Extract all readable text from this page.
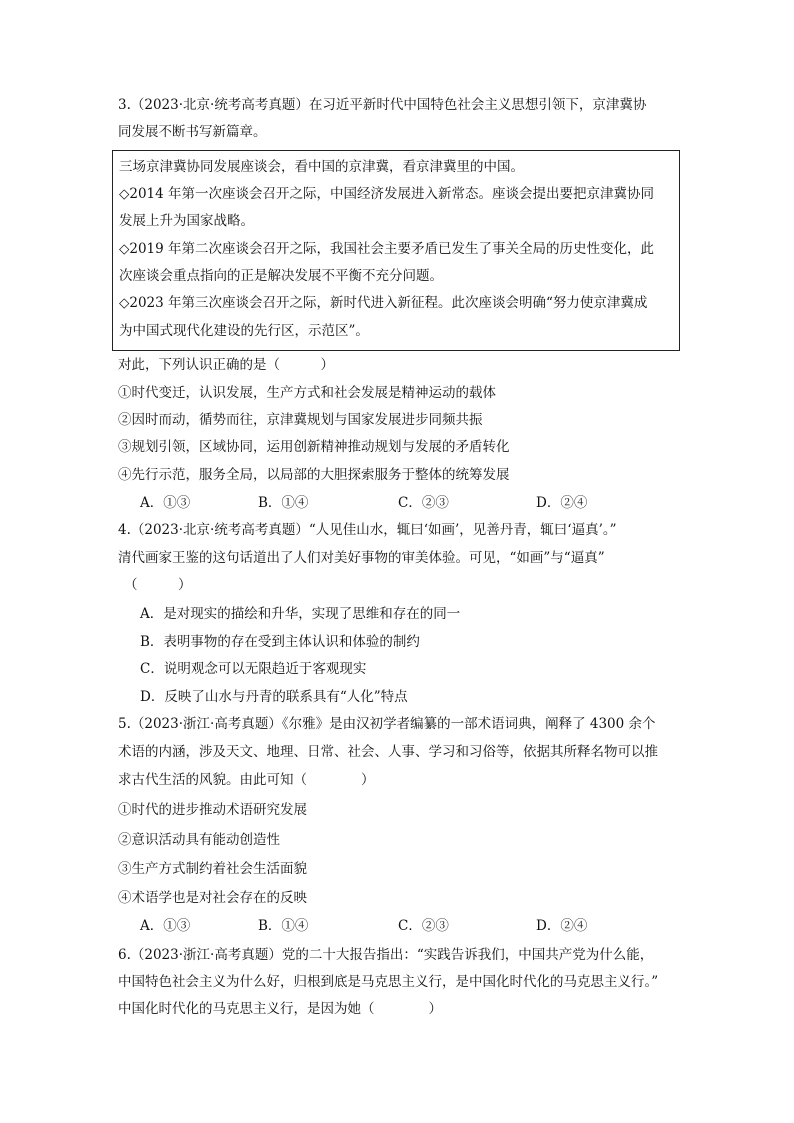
3.（2023·北京·统考高考真题）在习近平新时代中国特色社会主义思想引领下，京津冀协
同发展不断书写新篇章。
三场京津冀协同发展座谈会，看中国的京津冀，看京津冀里的中国。
◇2014 年第一次座谈会召开之际，中国经济发展进入新常态。座谈会提出要把京津冀协同
发展上升为国家战略。
◇2019 年第二次座谈会召开之际，我国社会主要矛盾已发生了事关全局的历史性变化，此
次座谈会重点指向的正是解决发展不平衡不充分问题。
◇2023 年第三次座谈会召开之际，新时代进入新征程。此次座谈会明确“努力使京津冀成
为中国式现代化建设的先行区，示范区”。
对此，下列认识正确的是（　　　）
①时代变迁，认识发展，生产方式和社会发展是精神运动的载体
②因时而动，循势而往，京津冀规划与国家发展进步同频共振
③规划引领，区域协同，运用创新精神推动规划与发展的矛盾转化
④先行示范，服务全局，以局部的大胆探索服务于整体的统筹发展
A．①③	B．①④	C．②③	D．②④
4.（2023·北京·统考高考真题）“人见佳山水，辄曰‘如画’，见善丹青，辄曰‘逼真’。”
清代画家王鉴的这句话道出了人们对美好事物的审美体验。可见，“如画”与“逼真”
（　　　）
A．是对现实的描绘和升华，实现了思维和存在的同一
B．表明事物的存在受到主体认识和体验的制约
C．说明观念可以无限趋近于客观现实
D．反映了山水与丹青的联系具有“人化”特点
5.（2023·浙江·高考真题）《尔雅》是由汉初学者编纂的一部术语词典，阐释了 4300 余个
术语的内涵，涉及天文、地理、日常、社会、人事、学习和习俗等，依据其所释名物可以推
求古代生活的风貌。由此可知（　　　　）
①时代的进步推动术语研究发展
②意识活动具有能动创造性
③生产方式制约着社会生活面貌
④术语学也是对社会存在的反映
A．①③	B．①④	C．②③	D．②④
6.（2023·浙江·高考真题）党的二十大报告指出：“实践告诉我们，中国共产党为什么能，
中国特色社会主义为什么好，归根到底是马克思主义行，是中国化时代化的马克思主义行。”
中国化时代化的马克思主义行，是因为她（　　　　）
